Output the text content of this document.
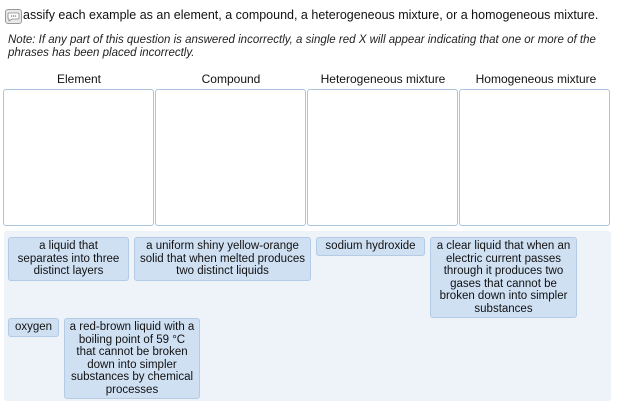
assify each example as an element, a compound, a heterogeneous mixture, or a homogeneous mixture.
Note: If any part of this question is answered incorrectly, a single red X will appear indicating that one or more of the phrases has been placed incorrectly.
Element	Compound	Heterogeneous mixture	Homogeneous mixture
a liquid that separates into three distinct layers
a uniform shiny yellow-orange solid that when melted produces two distinct liquids
sodium hydroxide	a clear liquid that when an electric current passes through it produces two gases that cannot be broken down into simpler substances
oxygen	a red-brown liquid with a boiling point of 59 °C that cannot be broken down into simpler substances by chemical processes
